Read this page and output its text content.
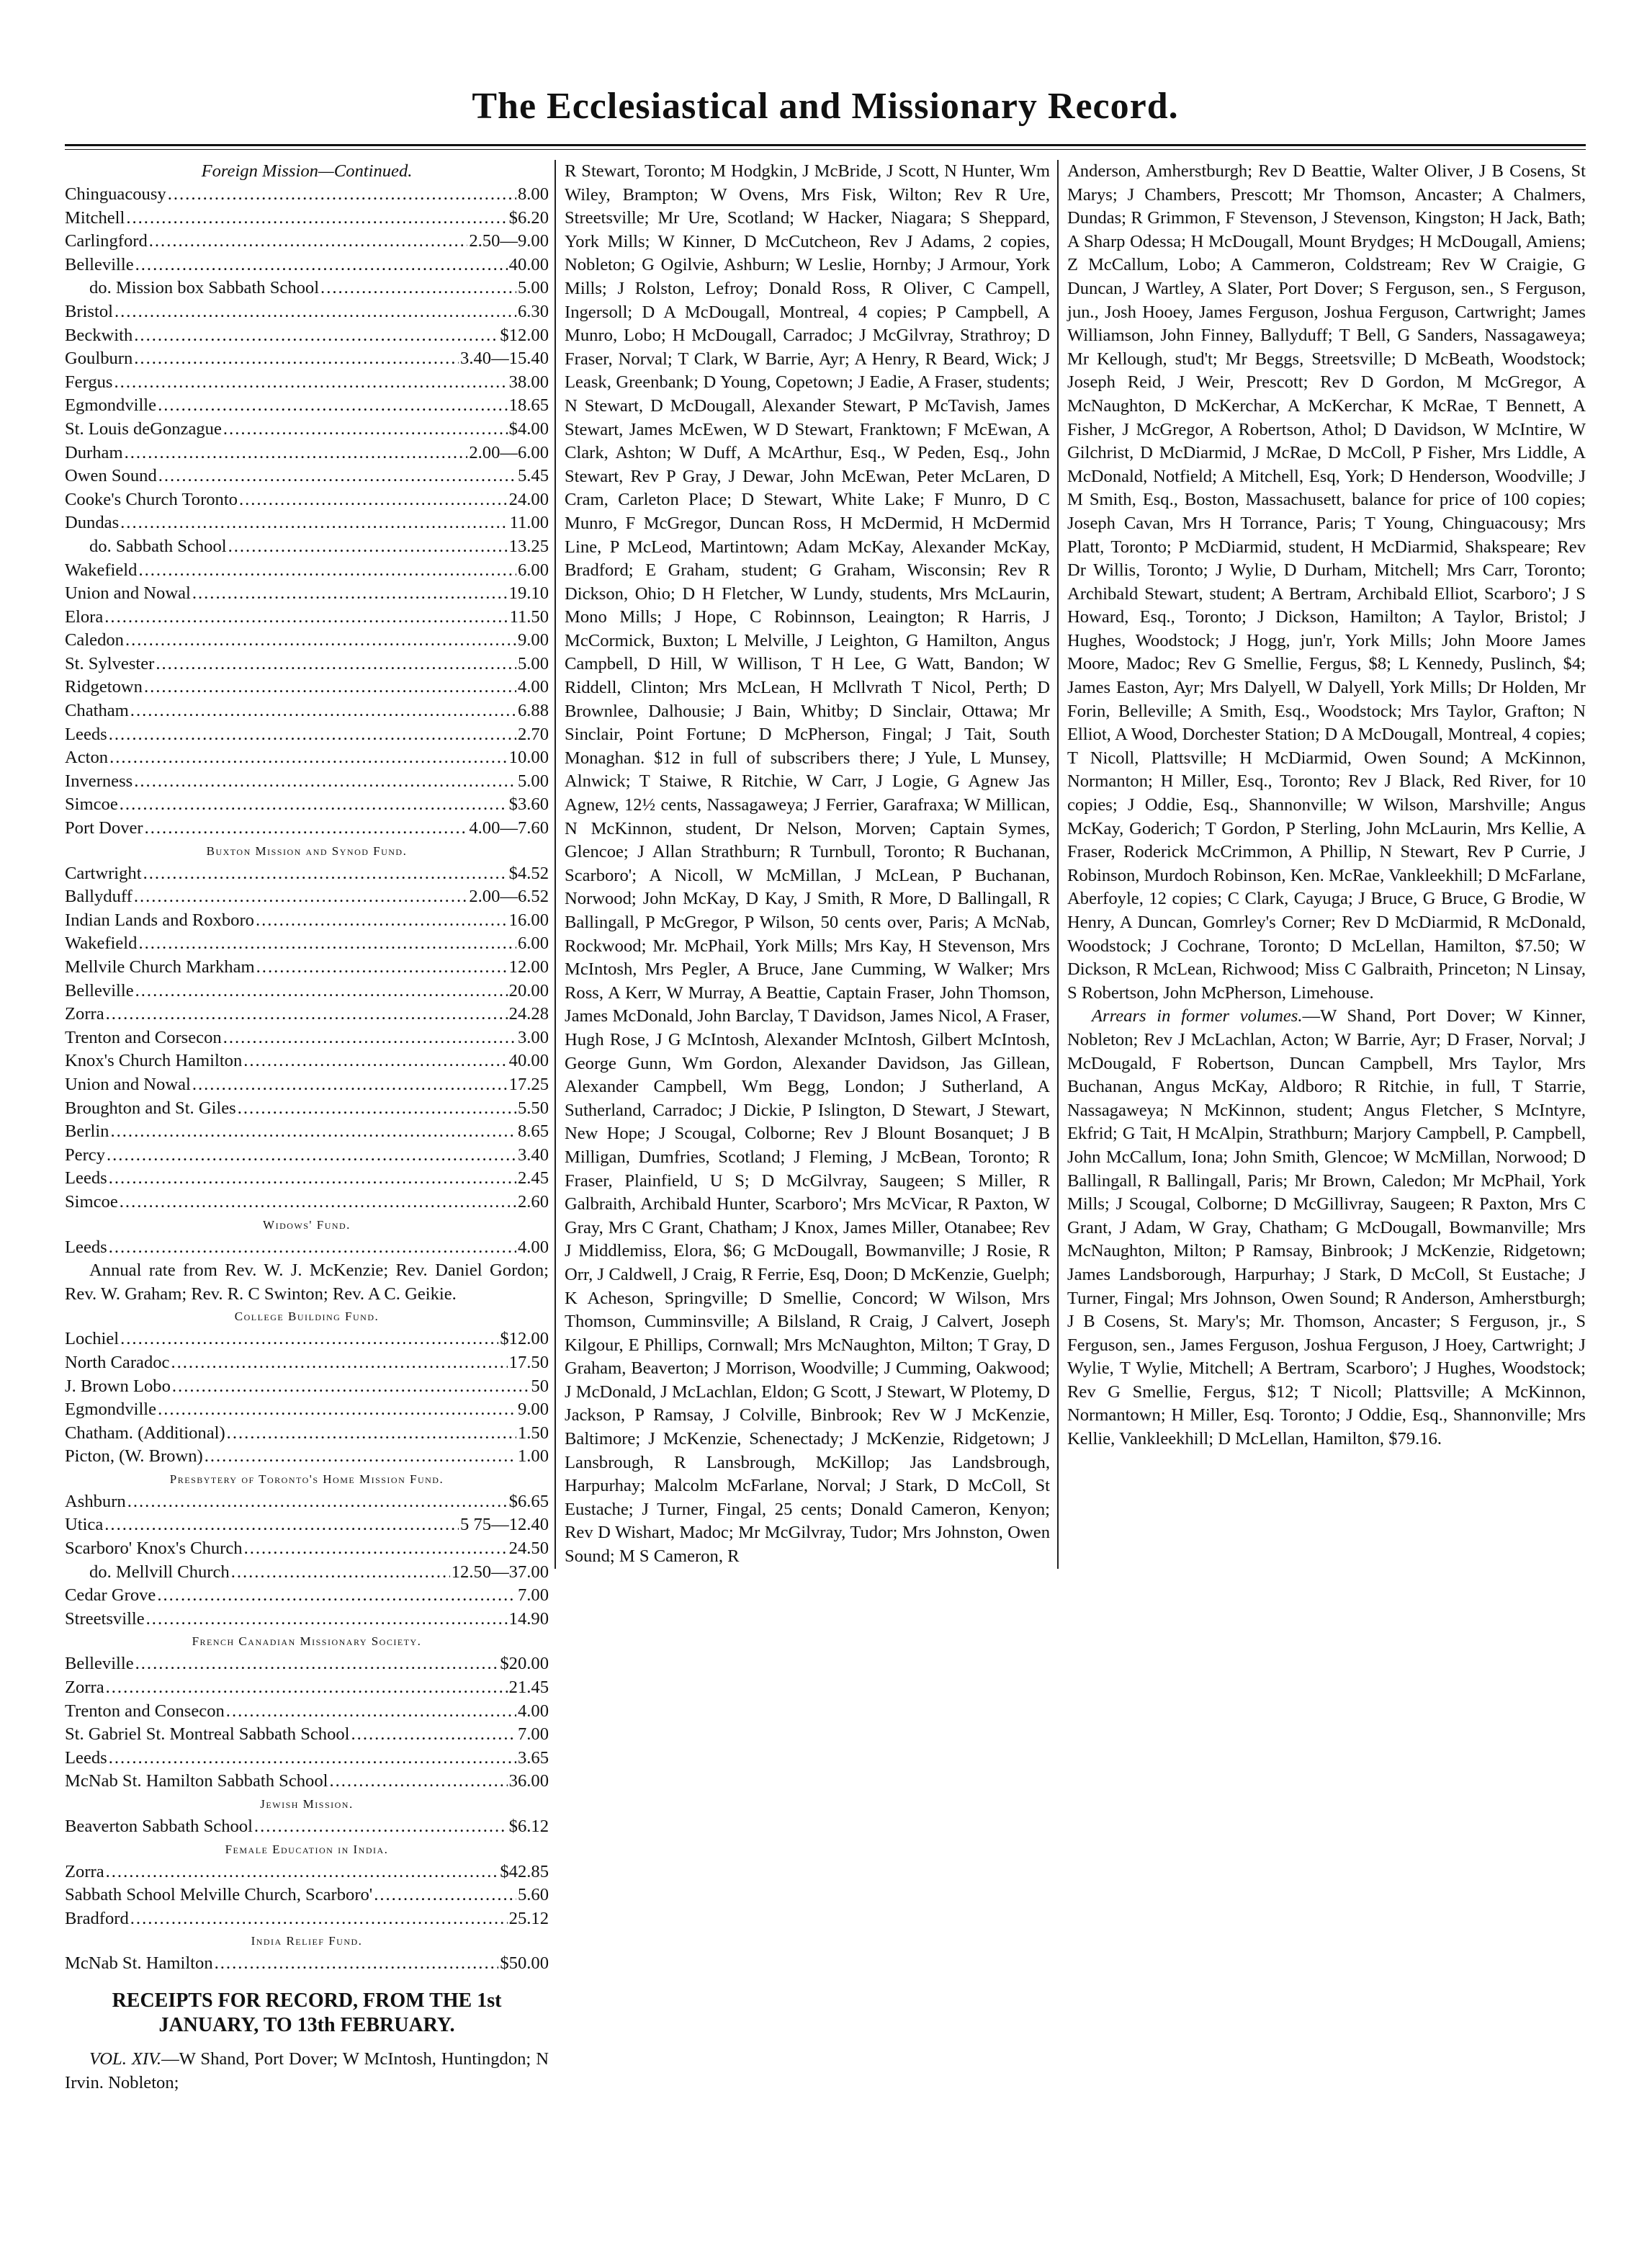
The Ecclesiastical and Missionary Record.
Foreign Mission—Continued.
Chinguacousy .....	8.00
Mitchell .....	$6.20
Carlingford .....	2.50—9.00
Belleville .....	40.00
do. Mission box Sabbath School .....	5.00
Bristol .....	6.30
Beckwith .....	$12.00
Goulburn .....	3.40—15.40
Fergus .....	38.00
Egmondville .....	18.65
St. Louis deGonzague .....	$4.00
Durham .....	2.00—6.00
Owen Sound .....	5.45
Cooke's Church Toronto .....	24.00
Dundas .....	11.00
do. Sabbath School .....	13.25
Wakefield .....	6.00
Union and Nowal .....	19.10
Elora .....	11.50
Caledon .....	9.00
St. Sylvester .....	5.00
Ridgetown .....	4.00
Chatham .....	6.88
Leeds .....	2.70
Acton .....	10.00
Inverness .....	5.00
Simcoe .....	$3.60
Port Dover .....	4.00—7.60
Buxton Mission and Synod Fund.
Cartwright .....	$4.52
Ballyduff .....	2.00—6.52
Indian Lands and Roxboro .....	16.00
Wakefield .....	6.00
Mellvile Church Markham .....	12.00
Belleville .....	20.00
Zorra .....	24.28
Trenton and Corsecon .....	3.00
Knox's Church Hamilton .....	40.00
Union and Nowal .....	17.25
Broughton and St. Giles .....	5.50
Berlin .....	8.65
Percy .....	3.40
Leeds .....	2.45
Simcoe .....	2.60
Widows' Fund.
Leeds .....	4.00

Annual rate from Rev. W. J. McKenzie; Rev. Daniel Gordon; Rev. W. Graham; Rev. R. C Swinton; Rev. A C. Geikie.

College Building Fund.
Lochiel .....	$12.00
North Caradoc .....	17.50
J. Brown Lobo .....	50
Egmondville .....	9.00
Chatham. (Additional) .....	1.50
Picton, (W. Brown) .....	1.00
Presbytery of Toronto's Home Mission Fund.
Ashburn .....	$6.65
Utica .....	5 75—12.40
Scarboro' Knox's Church .....	24.50
do. Mellvill Church .....	12.50—37.00
Cedar Grove .....	7.00
Streetsville .....	14.90
French Canadian Missionary Society.
Belleville .....	$20.00
Zorra .....	21.45
Trenton and Consecon .....	4.00
St. Gabriel St. Montreal Sabbath School .....	7.00
Leeds .....	3.65
McNab St. Hamilton Sabbath School .....	36.00
Jewish Mission.
Beaverton Sabbath School .....	$6.12
Female Education in India.
Zorra .....	$42.85
Sabbath School Melville Church, Scarboro' .....	5.60
Bradford .....	25.12
India Relief Fund.
McNab St. Hamilton .....	$50.00
RECEIPTS FOR RECORD, FROM THE 1st JANUARY, TO 13th FEBRUARY.

VOL. XIV.—W Shand, Port Dover; W McIntosh, Huntingdon; N Irvin. Nobleton;

R Stewart, Toronto; M Hodgkin, J McBride, J Scott, N Hunter, Wm Wiley, Brampton; W Ovens, Mrs Fisk, Wilton; Rev R Ure, Streetsville; Mr Ure, Scotland; W Hacker, Niagara; S Sheppard, York Mills; W Kinner, D McCutcheon, Rev J Adams, 2 copies, Nobleton; G Ogilvie, Ashburn; W Leslie, Hornby; J Armour, York Mills; J Rolston, Lefroy; Donald Ross, R Oliver, C Campell, Ingersoll; D A McDougall, Montreal, 4 copies; P Campbell, A Munro, Lobo; H McDougall, Carradoc; J McGilvray, Strathroy; D Fraser, Norval; T Clark, W Barrie, Ayr; A Henry, R Beard, Wick; J Leask, Greenbank; D Young, Copetown; J Eadie, A Fraser, students; N Stewart, D McDougall, Alexander Stewart, P McTavish, James Stewart, James McEwen, W D Stewart, Franktown; F McEwan, A Clark, Ashton; W Duff, A McArthur, Esq., W Peden, Esq., John Stewart, Rev P Gray, J Dewar, John McEwan, Peter McLaren, D Cram, Carleton Place; D Stewart, White Lake; F Munro, D C Munro, F McGregor, Duncan Ross, H McDermid, H McDermid Line, P McLeod, Martintown; Adam McKay, Alexander McKay, Bradford; E Graham, student; G Graham, Wisconsin; Rev R Dickson, Ohio; D H Fletcher, W Lundy, students, Mrs McLaurin, Mono Mills; J Hope, C Robinnson, Leaington; R Harris, J McCormick, Buxton; L Melville, J Leighton, G Hamilton, Angus Campbell, D Hill, W Willison, T H Lee, G Watt, Bandon; W Riddell, Clinton; Mrs McLean, H Mcllvrath T Nicol, Perth; D Brownlee, Dalhousie; J Bain, Whitby; D Sinclair, Ottawa; Mr Sinclair, Point Fortune; D McPherson, Fingal; J Tait, South Monaghan. $12 in full of subscribers there; J Yule, L Munsey, Alnwick; T Staiwe, R Ritchie, W Carr, J Logie, G Agnew Jas Agnew, 12½ cents, Nassagaweya; J Ferrier, Garafraxa; W Millican, N McKinnon, student, Dr Nelson, Morven; Captain Symes, Glencoe; J Allan Strathburn; R Turnbull, Toronto; R Buchanan, Scarboro'; A Nicoll, W McMillan, J McLean, P Buchanan, Norwood; John McKay, D Kay, J Smith, R More, D Ballingall, R Ballingall, P McGregor, P Wilson, 50 cents over, Paris; A McNab, Rockwood; Mr. McPhail, York Mills; Mrs Kay, H Stevenson, Mrs McIntosh, Mrs Pegler, A Bruce, Jane Cumming, W Walker; Mrs Ross, A Kerr, W Murray, A Beattie, Captain Fraser, John Thomson, James McDonald, John Barclay, T Davidson, James Nicol, A Fraser, Hugh Rose, J G McIntosh, Alexander McIntosh, Gilbert McIntosh, George Gunn, Wm Gordon, Alexander Davidson, Jas Gillean, Alexander Campbell, Wm Begg, London; J Sutherland, A Sutherland, Carradoc; J Dickie, P Islington, D Stewart, J Stewart, New Hope; J Scougal, Colborne; Rev J Blount Bosanquet; J B Milligan, Dumfries, Scotland; J Fleming, J McBean, Toronto; R Fraser, Plainfield, U S; D McGilvray, Saugeen; S Miller, R Galbraith, Archibald Hunter, Scarboro'; Mrs McVicar, R Paxton, W Gray, Mrs C Grant, Chatham; J Knox, James Miller, Otanabee; Rev J Middlemiss, Elora, $6; G McDougall, Bowmanville; J Rosie, R Orr, J Caldwell, J Craig, R Ferrie, Esq, Doon; D McKenzie, Guelph; K Acheson, Springville; D Smellie, Concord; W Wilson, Mrs Thomson, Cumminsville; A Bilsland, R Craig, J Calvert, Joseph Kilgour, E Phillips, Cornwall; Mrs McNaughton, Milton; T Gray, D Graham, Beaverton; J Morrison, Woodville; J Cumming, Oakwood; J McDonald, J McLachlan, Eldon; G Scott, J Stewart, W Plotemy, D Jackson, P Ramsay, J Colville, Binbrook; Rev W J McKenzie, Baltimore; J McKenzie, Schenectady; J McKenzie, Ridgetown; J Lansbrough, R Lansbrough, McKillop; Jas Landsbrough, Harpurhay; Malcolm McFarlane, Norval; J Stark, D McColl, St Eustache; J Turner, Fingal, 25 cents; Donald Cameron, Kenyon; Rev D Wishart, Madoc; Mr McGilvray, Tudor; Mrs Johnston, Owen Sound; M S Cameron, R

Anderson, Amherstburgh; Rev D Beattie, Walter Oliver, J B Cosens, St Marys; J Chambers, Prescott; Mr Thomson, Ancaster; A Chalmers, Dundas; R Grimmon, F Stevenson, J Stevenson, Kingston; H Jack, Bath; A Sharp Odessa; H McDougall, Mount Brydges; H McDougall, Amiens; Z McCallum, Lobo; A Cammeron, Coldstream; Rev W Craigie, G Duncan, J Wartley, A Slater, Port Dover; S Ferguson, sen., S Ferguson, jun., Josh Hooey, James Ferguson, Joshua Ferguson, Cartwright; James Williamson, John Finney, Ballyduff; T Bell, G Sanders, Nassagaweya; Mr Kellough, stud't; Mr Beggs, Streetsville; D McBeath, Woodstock; Joseph Reid, J Weir, Prescott; Rev D Gordon, M McGregor, A McNaughton, D McKerchar, A McKerchar, K McRae, T Bennett, A Fisher, J McGregor, A Robertson, Athol; D Davidson, W McIntire, W Gilchrist, D McDiarmid, J McRae, D McColl, P Fisher, Mrs Liddle, A McDonald, Notfield; A Mitchell, Esq, York; D Henderson, Woodville; J M Smith, Esq., Boston, Massachusett, balance for price of 100 copies; Joseph Cavan, Mrs H Torrance, Paris; T Young, Chinguacousy; Mrs Platt, Toronto; P McDiarmid, student, H McDiarmid, Shakspeare; Rev Dr Willis, Toronto; J Wylie, D Durham, Mitchell; Mrs Carr, Toronto; Archibald Stewart, student; A Bertram, Archibald Elliot, Scarboro'; J S Howard, Esq., Toronto; J Dickson, Hamilton; A Taylor, Bristol; J Hughes, Woodstock; J Hogg, jun'r, York Mills; John Moore James Moore, Madoc; Rev G Smellie, Fergus, $8; L Kennedy, Puslinch, $4; James Easton, Ayr; Mrs Dalyell, W Dalyell, York Mills; Dr Holden, Mr Forin, Belleville; A Smith, Esq., Woodstock; Mrs Taylor, Grafton; N Elliot, A Wood, Dorchester Station; D A McDougall, Montreal, 4 copies; T Nicoll, Plattsville; H McDiarmid, Owen Sound; A McKinnon, Normanton; H Miller, Esq., Toronto; Rev J Black, Red River, for 10 copies; J Oddie, Esq., Shannonville; W Wilson, Marshville; Angus McKay, Goderich; T Gordon, P Sterling, John McLaurin, Mrs Kellie, A Fraser, Roderick McCrimmon, A Phillip, N Stewart, Rev P Currie, J Robinson, Murdoch Robinson, Ken. McRae, Vankleekhill; D McFarlane, Aberfoyle, 12 copies; C Clark, Cayuga; J Bruce, G Bruce, G Brodie, W Henry, A Duncan, Gomrley's Corner; Rev D McDiarmid, R McDonald, Woodstock; J Cochrane, Toronto; D McLellan, Hamilton, $7.50; W Dickson, R McLean, Richwood; Miss C Galbraith, Princeton; N Linsay, S Robertson, John McPherson, Limehouse.

Arrears in former volumes.—W Shand, Port Dover; W Kinner, Nobleton; Rev J McLachlan, Acton; W Barrie, Ayr; D Fraser, Norval; J McDougald, F Robertson, Duncan Campbell, Mrs Taylor, Mrs Buchanan, Angus McKay, Aldboro; R Ritchie, in full, T Starrie, Nassagaweya; N McKinnon, student; Angus Fletcher, S McIntyre, Ekfrid; G Tait, H McAlpin, Strathburn; Marjory Campbell, P. Campbell, John McCallum, Iona; John Smith, Glencoe; W McMillan, Norwood; D Ballingall, R Ballingall, Paris; Mr Brown, Caledon; Mr McPhail, York Mills; J Scougal, Colborne; D McGillivray, Saugeen; R Paxton, Mrs C Grant, J Adam, W Gray, Chatham; G McDougall, Bowmanville; Mrs McNaughton, Milton; P Ramsay, Binbrook; J McKenzie, Ridgetown; James Landsborough, Harpurhay; J Stark, D McColl, St Eustache; J Turner, Fingal; Mrs Johnson, Owen Sound; R Anderson, Amherstburgh; J B Cosens, St. Mary's; Mr. Thomson, Ancaster; S Ferguson, jr., S Ferguson, sen., James Ferguson, Joshua Ferguson, J Hoey, Cartwright; J Wylie, T Wylie, Mitchell; A Bertram, Scarboro'; J Hughes, Woodstock; Rev G Smellie, Fergus, $12; T Nicoll; Plattsville; A McKinnon, Normantown; H Miller, Esq. Toronto; J Oddie, Esq., Shannonville; Mrs Kellie, Vankleekhill; D McLellan, Hamilton, $79.16.
